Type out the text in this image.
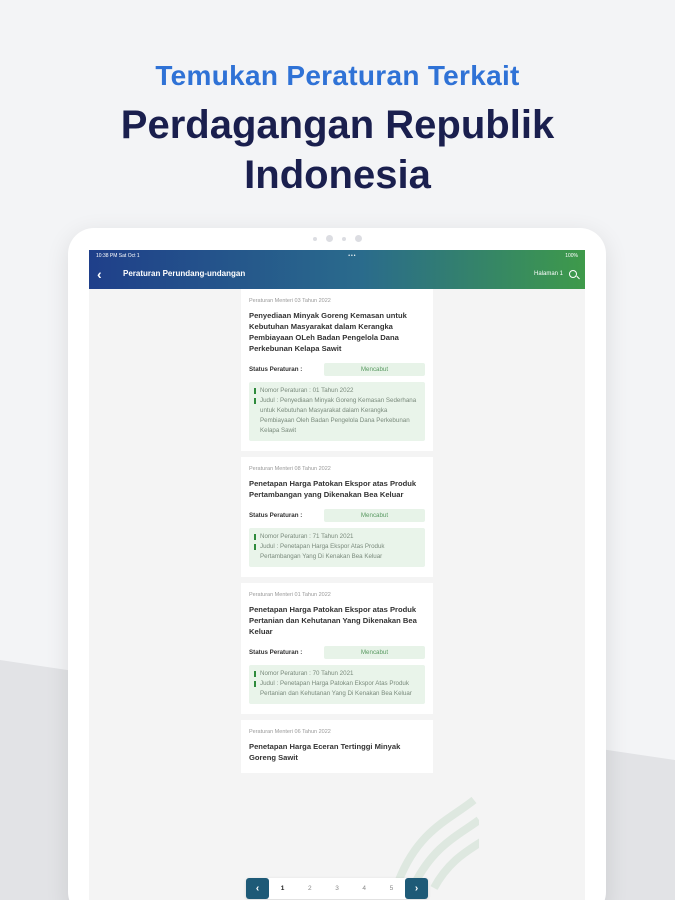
Temukan Peraturan Terkait
Perdagangan Republik
Indonesia
10:38 PM Sat Oct 1	•••	100%
‹	Peraturan Perundang-undangan	Halaman 1
Peraturan Menteri 03 Tahun 2022
Penyediaan Minyak Goreng Kemasan untuk Kebutuhan Masyarakat dalam Kerangka Pembiayaan OLeh Badan Pengelola Dana Perkebunan Kelapa Sawit
Status Peraturan :	Mencabut
Nomor Peraturan : 01 Tahun 2022
Judul : Penyediaan Minyak Goreng Kemasan Sederhana untuk Kebutuhan Masyarakat dalam Kerangka Pembiayaan Oleh Badan Pengelola Dana Perkebunan Kelapa Sawit
Peraturan Menteri 08 Tahun 2022
Penetapan Harga Patokan Ekspor atas Produk Pertambangan yang Dikenakan Bea Keluar
Status Peraturan :	Mencabut
Nomor Peraturan : 71 Tahun 2021
Judul : Penetapan Harga Ekspor Atas Produk Pertambangan Yang Di Kenakan Bea Keluar
Peraturan Menteri 01 Tahun 2022
Penetapan Harga Patokan Ekspor atas Produk Pertanian dan Kehutanan Yang Dikenakan Bea Keluar
Status Peraturan :	Mencabut
Nomor Peraturan : 70 Tahun 2021
Judul : Penetapan Harga Patokan Ekspor Atas Produk Pertanian dan Kehutanan Yang Di Kenakan Bea Keluar
Peraturan Menteri 06 Tahun 2022
Penetapan Harga Eceran Tertinggi Minyak Goreng Sawit
‹	1	2	3	4	5	›
